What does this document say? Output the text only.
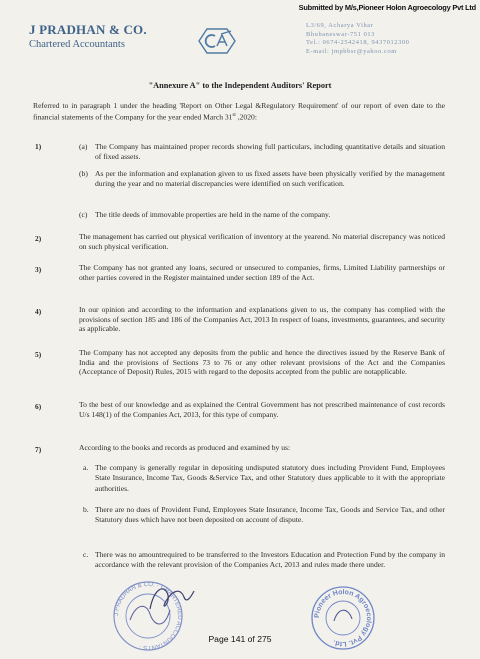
Submitted by M/s,Pioneer Holon Agroecology Pvt Ltd
J PRADHAN & CO.
Chartered Accountants
L3/69, Acharya Vihar
Bhubaneswar-751 013
Tel.: 0674-2542418, 9437012300
E-mail: jmpbbsr@yahoo.com
"Annexure A" to the Independent Auditors' Report
Referred to in paragraph 1 under the heading 'Report on Other Legal &Regulatory Requirement' of our report of even date to the financial statements of the Company for the year ended March 31st ,2020:
1)	(a) The Company has maintained proper records showing full particulars, including quantitative details and situation of fixed assets.
(b) As per the information and explanation given to us fixed assets have been physically verified by the management during the year and no material discrepancies were identified on such verification.
(c) The title deeds of immovable properties are held in the name of the company.
2)	The management has carried out physical verification of inventory at the yearend. No material discrepancy was noticed on such physical verification.
3)	The Company has not granted any loans, secured or unsecured to companies, firms, Limited Liability partnerships or other parties covered in the Register maintained under section 189 of the Act.
4)	In our opinion and according to the information and explanations given to us, the company has complied with the provisions of section 185 and 186 of the Companies Act, 2013 In respect of loans, investments, guarantees, and security as applicable.
5)	The Company has not accepted any deposits from the public and hence the directives issued by the Reserve Bank of India and the provisions of Sections 73 to 76 or any other relevant provisions of the Act and the Companies (Acceptance of Deposit) Rules, 2015 with regard to the deposits accepted from the public are notapplicable.
6)	To the best of our knowledge and as explained the Central Government has not prescribed maintenance of cost records U/s 148(1) of the Companies Act, 2013, for this type of company.
7)	According to the books and records as produced and examined by us:
a. The company is generally regular in depositing undisputed statutory dues including Provident Fund, Employees State Insurance, Income Tax, Goods &Service Tax, and other Statutory dues applicable to it with the appropriate authorities.
b. There are no dues of Provident Fund, Employees State Insurance, Income Tax, Goods and Service Tax, and other Statutory dues which have not been deposited on account of dispute.
c. There was no amountrequired to be transferred to the Investors Education and Protection Fund by the company in accordance with the relevant provision of the Companies Act, 2013 and rules made there under.
J PRADHAN & CO. · CHARTERED ACCOUNTANTS ·
Pioneer Holon Agroecology Pvt. Ltd.
Page 141 of 275
